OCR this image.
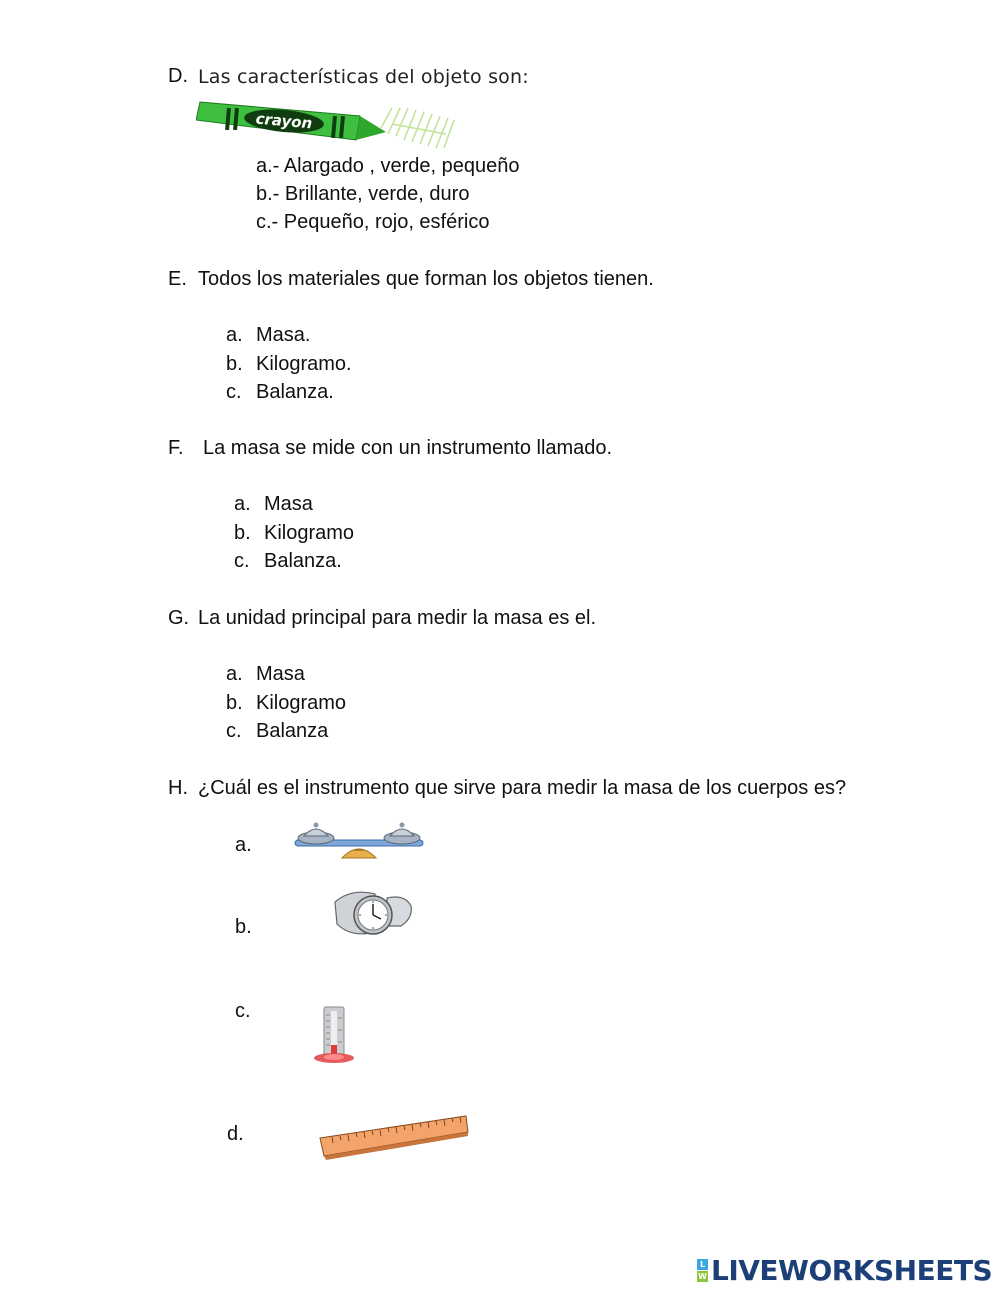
D. Las características del objeto son:
crayon
a.- Alargado , verde, pequeño
b.- Brillante, verde, duro
c.- Pequeño, rojo, esférico
E. Todos los materiales que forman los objetos tienen.
a. Masa.
b. Kilogramo.
c. Balanza.
F. La masa se mide con un instrumento llamado.
a. Masa
b. Kilogramo
c. Balanza.
G. La unidad principal para medir la masa es el.
a. Masa
b. Kilogramo
c. Balanza
H. ¿Cuál es el instrumento que sirve para medir la masa de los cuerpos es?
a.
b.
c.
d.
L
W LIVEWORKSHEETS
